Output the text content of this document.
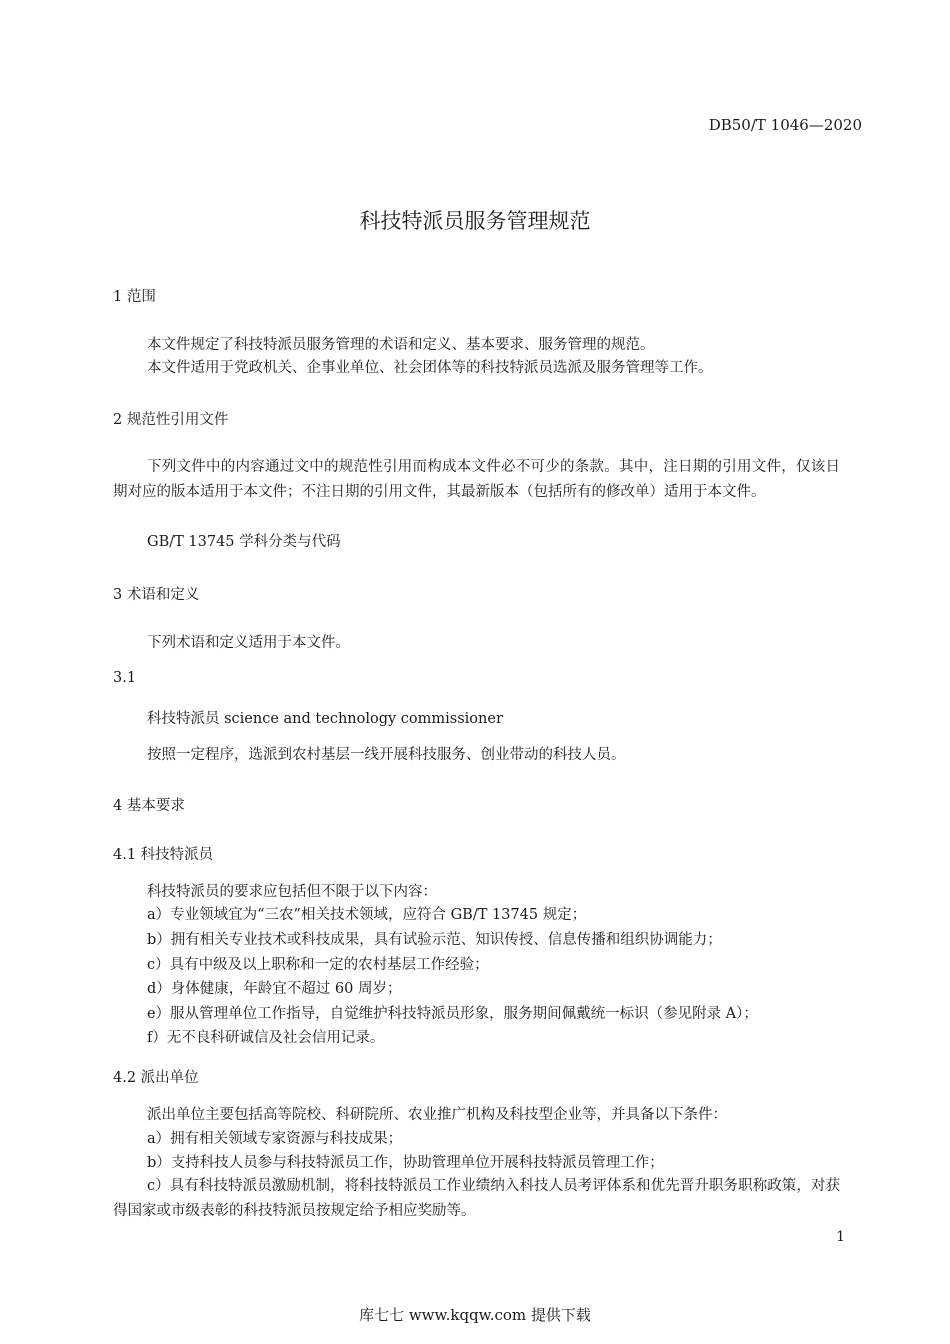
DB50/T 1046—2020
科技特派员服务管理规范
1 范围
本文件规定了科技特派员服务管理的术语和定义、基本要求、服务管理的规范。
本文件适用于党政机关、企事业单位、社会团体等的科技特派员选派及服务管理等工作。
2 规范性引用文件
下列文件中的内容通过文中的规范性引用而构成本文件必不可少的条款。其中，注日期的引用文件，仅该日期对应的版本适用于本文件；不注日期的引用文件，其最新版本（包括所有的修改单）适用于本文件。
GB/T 13745 学科分类与代码
3 术语和定义
下列术语和定义适用于本文件。
3.1
科技特派员 science and technology commissioner
按照一定程序，选派到农村基层一线开展科技服务、创业带动的科技人员。
4 基本要求
4.1 科技特派员
科技特派员的要求应包括但不限于以下内容：
a）专业领域宜为“三农”相关技术领域，应符合 GB/T 13745 规定；
b）拥有相关专业技术或科技成果，具有试验示范、知识传授、信息传播和组织协调能力；
c）具有中级及以上职称和一定的农村基层工作经验；
d）身体健康，年龄宜不超过 60 周岁；
e）服从管理单位工作指导，自觉维护科技特派员形象，服务期间佩戴统一标识（参见附录 A）；
f）无不良科研诚信及社会信用记录。
4.2 派出单位
派出单位主要包括高等院校、科研院所、农业推广机构及科技型企业等，并具备以下条件：
a）拥有相关领域专家资源与科技成果；
b）支持科技人员参与科技特派员工作，协助管理单位开展科技特派员管理工作；
c）具有科技特派员激励机制，将科技特派员工作业绩纳入科技人员考评体系和优先晋升职务职称政策，对获得国家或市级表彰的科技特派员按规定给予相应奖励等。
1
库七七 www.kqqw.com 提供下载
